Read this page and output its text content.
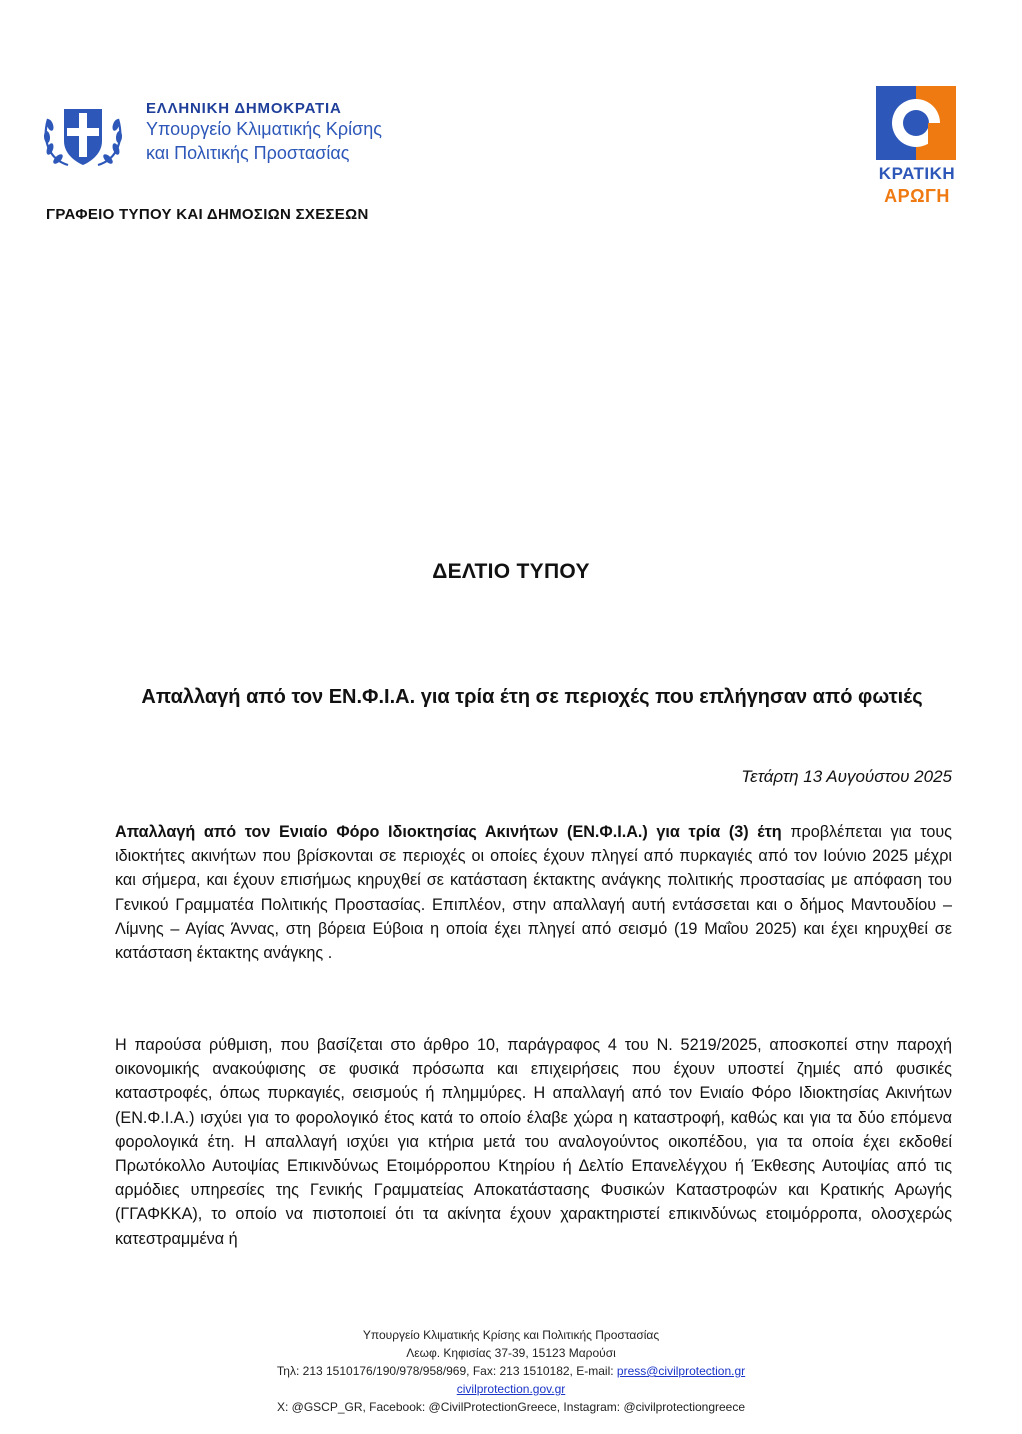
ΕΛΛΗΝΙΚΗ ΔΗΜΟΚΡΑΤΙΑ
Υπουργείο Κλιματικής Κρίσης
και Πολιτικής Προστασίας
ΓΡΑΦΕΙΟ ΤΥΠΟΥ ΚΑΙ ΔΗΜΟΣΙΩΝ ΣΧΕΣΕΩΝ
ΚΡΑΤΙΚΗ
ΑΡΩΓΗ
ΔΕΛΤΙΟ ΤΥΠΟΥ
Απαλλαγή από τον ΕΝ.Φ.Ι.Α. για τρία έτη σε περιοχές που επλήγησαν από φωτιές
Τετάρτη 13 Αυγούστου 2025
Απαλλαγή από τον Ενιαίο Φόρο Ιδιοκτησίας Ακινήτων (ΕΝ.Φ.Ι.Α.) για τρία (3) έτη προβλέπεται για τους ιδιοκτήτες ακινήτων που βρίσκονται σε περιοχές οι οποίες έχουν πληγεί από πυρκαγιές από τον Ιούνιο 2025 μέχρι και σήμερα, και έχουν επισήμως κηρυχθεί σε κατάσταση έκτακτης ανάγκης πολιτικής προστασίας με απόφαση του Γενικού Γραμματέα Πολιτικής Προστασίας. Επιπλέον, στην απαλλαγή αυτή εντάσσεται και ο δήμος Μαντουδίου – Λίμνης – Αγίας Άννας, στη βόρεια Εύβοια η οποία έχει πληγεί από σεισμό (19 Μαΐου 2025) και έχει κηρυχθεί σε κατάσταση έκτακτης ανάγκης .
Η παρούσα ρύθμιση, που βασίζεται στο άρθρο 10, παράγραφος 4 του Ν. 5219/2025, αποσκοπεί στην παροχή οικονομικής ανακούφισης σε φυσικά πρόσωπα και επιχειρήσεις που έχουν υποστεί ζημιές από φυσικές καταστροφές, όπως πυρκαγιές, σεισμούς ή πλημμύρες. Η απαλλαγή από τον Ενιαίο Φόρο Ιδιοκτησίας Ακινήτων (ΕΝ.Φ.Ι.Α.) ισχύει για το φορολογικό έτος κατά το οποίο έλαβε χώρα η καταστροφή, καθώς και για τα δύο επόμενα φορολογικά έτη. Η απαλλαγή ισχύει για κτήρια μετά του αναλογούντος οικοπέδου, για τα οποία έχει εκδοθεί Πρωτόκολλο Αυτοψίας Επικινδύνως Ετοιμόρροπου Κτηρίου ή Δελτίο Επανελέγχου ή Έκθεσης Αυτοψίας από τις αρμόδιες υπηρεσίες της Γενικής Γραμματείας Αποκατάστασης Φυσικών Καταστροφών και Κρατικής Αρωγής (ΓΓΑΦΚΚΑ), το οποίο να πιστοποιεί ότι τα ακίνητα έχουν χαρακτηριστεί επικινδύνως ετοιμόρροπα, ολοσχερώς κατεστραμμένα ή
Υπουργείο Κλιματικής Κρίσης και Πολιτικής Προστασίας
Λεωφ. Κηφισίας 37-39, 15123 Μαρούσι
Τηλ: 213 1510176/190/978/958/969, Fax: 213 1510182, E-mail: press@civilprotection.gr
civilprotection.gov.gr
X: @GSCP_GR, Facebook: @CivilProtectionGreece, Instagram: @civilprotectiongreece
